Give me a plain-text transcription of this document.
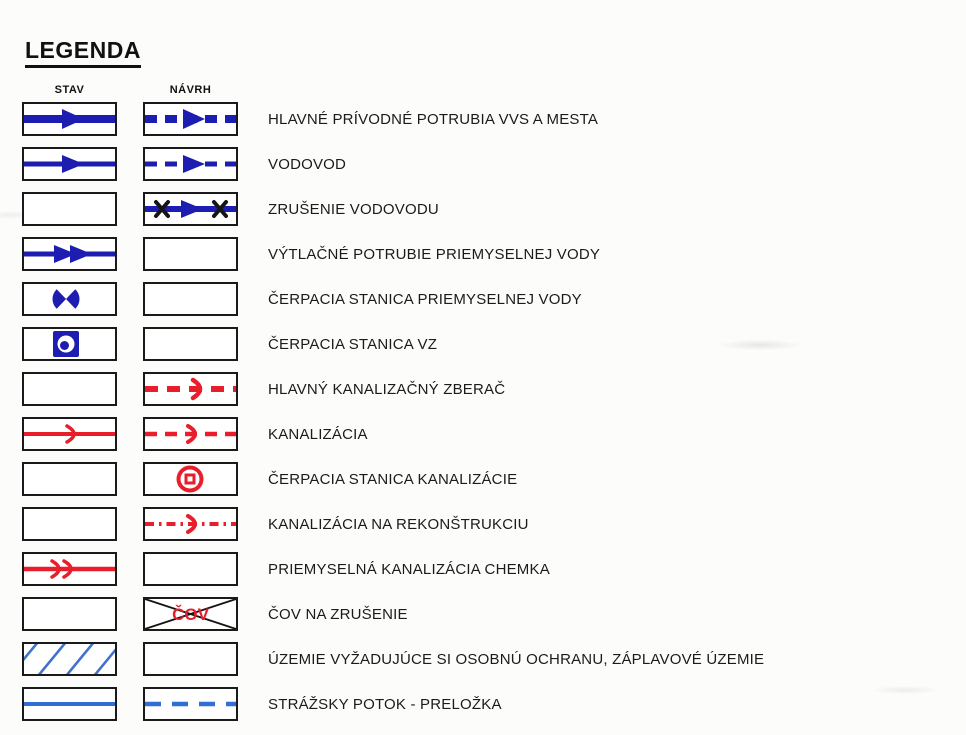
LEGENDA
STAV	NÁVRH
HLAVNÉ PRÍVODNÉ POTRUBIA VVS A MESTA
VODOVOD
ZRUŠENIE VODOVODU
VÝTLAČNÉ POTRUBIE PRIEMYSELNEJ VODY
ČERPACIA STANICA PRIEMYSELNEJ VODY
ČERPACIA STANICA VZ
HLAVNÝ KANALIZAČNÝ ZBERAČ
KANALIZÁCIA
ČERPACIA STANICA KANALIZÁCIE
KANALIZÁCIA NA REKONŠTRUKCIU
PRIEMYSELNÁ KANALIZÁCIA CHEMKA
ČOV	ČOV NA ZRUŠENIE
ÚZEMIE VYŽADUJÚCE SI OSOBNÚ OCHRANU, ZÁPLAVOVÉ ÚZEMIE
STRÁŽSKY POTOK - PRELOŽKA
